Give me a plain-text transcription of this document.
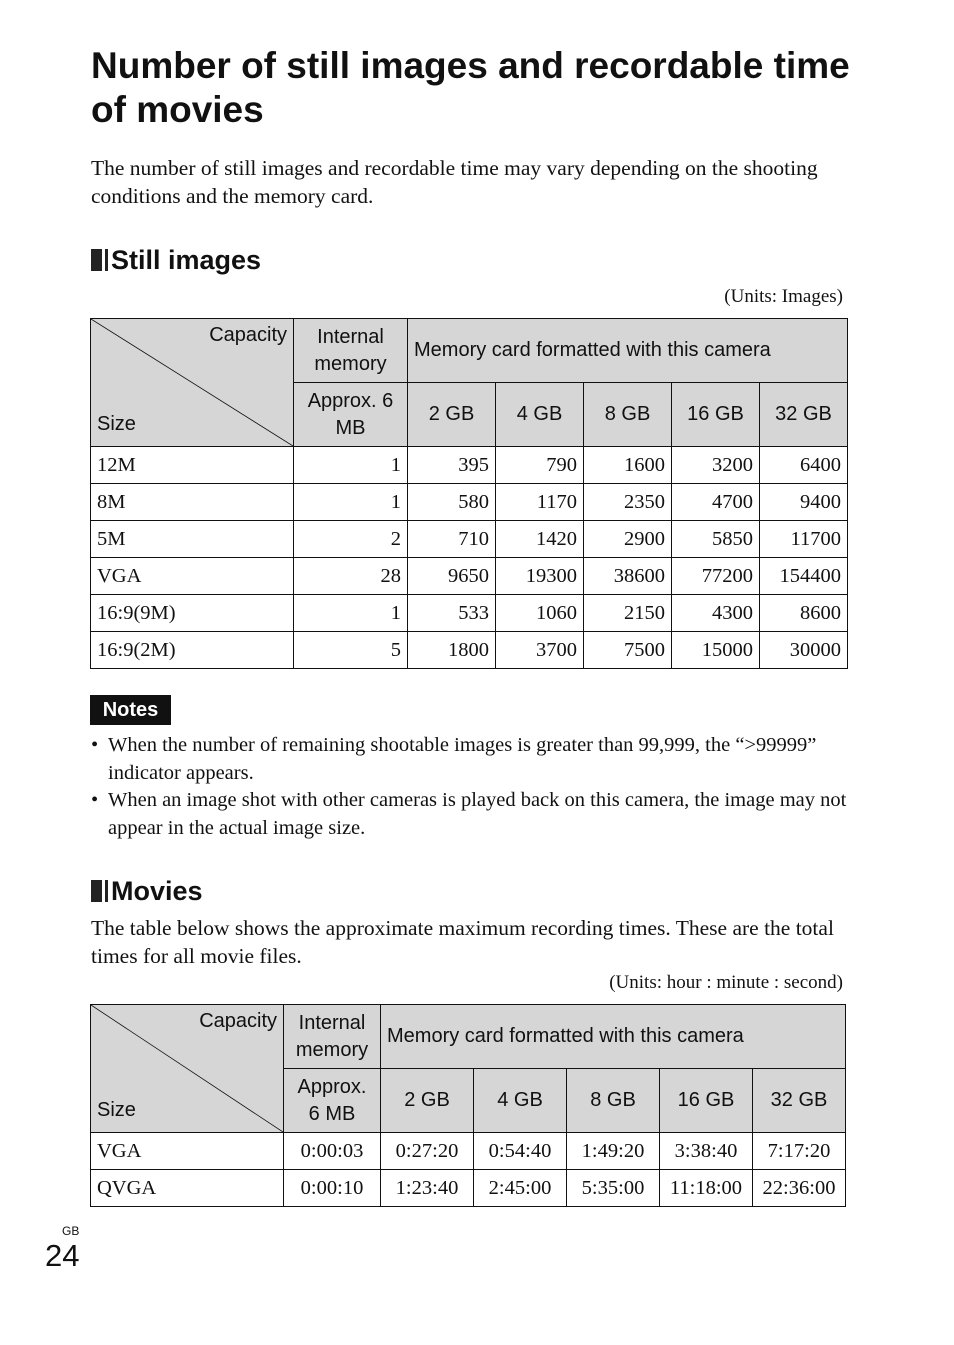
Number of still images and recordable time of movies

The number of still images and recordable time may vary depending on the shooting conditions and the memory card.

Still images
(Units: Images)
Capacity
Size	Internal memory	Memory card formatted with this camera				
	Approx. 6 MB	2 GB	4 GB	8 GB	16 GB	32 GB
12M	1	395	790	1600	3200	6400
8M	1	580	1170	2350	4700	9400
5M	2	710	1420	2900	5850	11700
VGA	28	9650	19300	38600	77200	154400
16:9(9M)	1	533	1060	2150	4300	8600
16:9(2M)	5	1800	3700	7500	15000	30000
Notes
• When the number of remaining shootable images is greater than 99,999, the “>99999” indicator appears.
• When an image shot with other cameras is played back on this camera, the image may not appear in the actual image size.
Movies

The table below shows the approximate maximum recording times. These are the total times for all movie files.

(Units: hour : minute : second)
Capacity
Size	Internal memory	Memory card formatted with this camera				
	Approx. 6 MB	2 GB	4 GB	8 GB	16 GB	32 GB
VGA	0:00:03	0:27:20	0:54:40	1:49:20	3:38:40	7:17:20
QVGA	0:00:10	1:23:40	2:45:00	5:35:00	11:18:00	22:36:00
GB
24
